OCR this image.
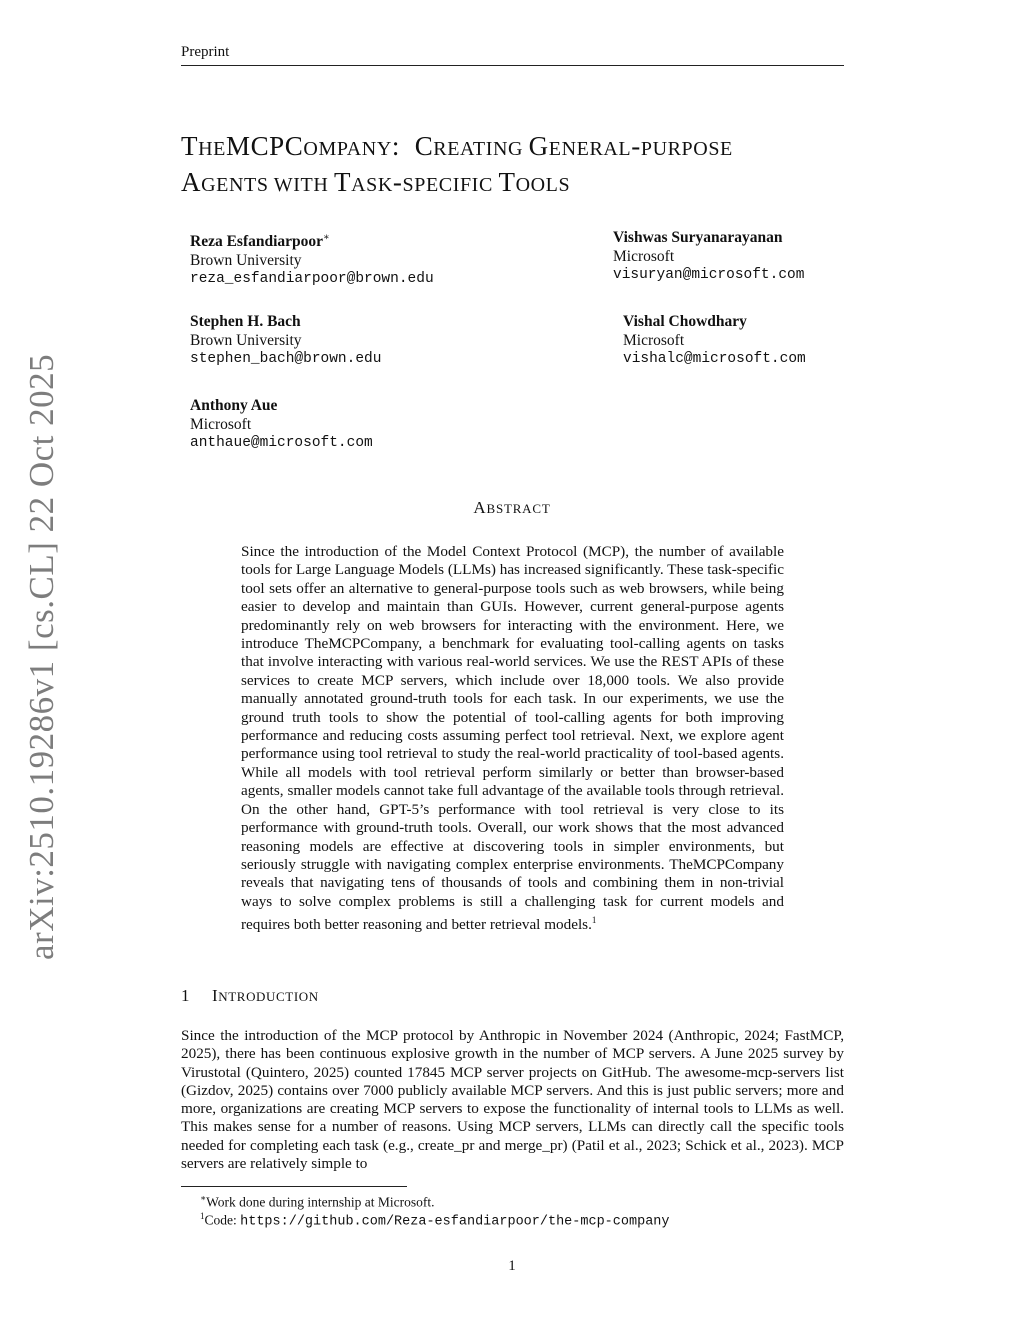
Preprint
arXiv:2510.19286v1 [cs.CL] 22 Oct 2025
THEMCPCOMPANY:  CREATING GENERAL-PURPOSE
AGENTS WITH TASK-SPECIFIC TOOLS
Reza Esfandiarpoor∗
Brown University
reza_esfandiarpoor@brown.edu
Vishwas Suryanarayanan
Microsoft
visuryan@microsoft.com
Stephen H. Bach
Brown University
stephen_bach@brown.edu
Vishal Chowdhary
Microsoft
vishalc@microsoft.com
Anthony Aue
Microsoft
anthaue@microsoft.com
ABSTRACT
Since the introduction of the Model Context Protocol (MCP), the number of available tools for Large Language Models (LLMs) has increased significantly. These task-specific tool sets offer an alternative to general-purpose tools such as web browsers, while being easier to develop and maintain than GUIs. However, current general-purpose agents predominantly rely on web browsers for interacting with the environment. Here, we introduce TheMCPCompany, a benchmark for evaluating tool-calling agents on tasks that involve interacting with various real-world services. We use the REST APIs of these services to create MCP servers, which include over 18,000 tools. We also provide manually annotated ground-truth tools for each task. In our experiments, we use the ground truth tools to show the potential of tool-calling agents for both improving performance and reducing costs assuming perfect tool retrieval. Next, we explore agent performance using tool retrieval to study the real-world practicality of tool-based agents. While all models with tool retrieval perform similarly or better than browser-based agents, smaller models cannot take full advantage of the available tools through retrieval. On the other hand, GPT-5’s performance with tool retrieval is very close to its performance with ground-truth tools. Overall, our work shows that the most advanced reasoning models are effective at discovering tools in simpler environments, but seriously struggle with navigating complex enterprise environments. TheMCPCompany reveals that navigating tens of thousands of tools and combining them in non-trivial ways to solve complex problems is still a challenging task for current models and requires both better reasoning and better retrieval models.$^1$
1 INTRODUCTION
Since the introduction of the MCP protocol by Anthropic in November 2024 (Anthropic, 2024; FastMCP, 2025), there has been continuous explosive growth in the number of MCP servers. A June 2025 survey by Virustotal (Quintero, 2025) counted 17845 MCP server projects on GitHub. The awesome-mcp-servers list (Gizdov, 2025) contains over 7000 publicly available MCP servers. And this is just public servers; more and more, organizations are creating MCP servers to expose the functionality of internal tools to LLMs as well. This makes sense for a number of reasons. Using MCP servers, LLMs can directly call the specific tools needed for completing each task (e.g., create_pr and merge_pr) (Patil et al., 2023; Schick et al., 2023). MCP servers are relatively simple to
∗Work done during internship at Microsoft.
$^1$Code: https://github.com/Reza-esfandiarpoor/the-mcp-company
1
